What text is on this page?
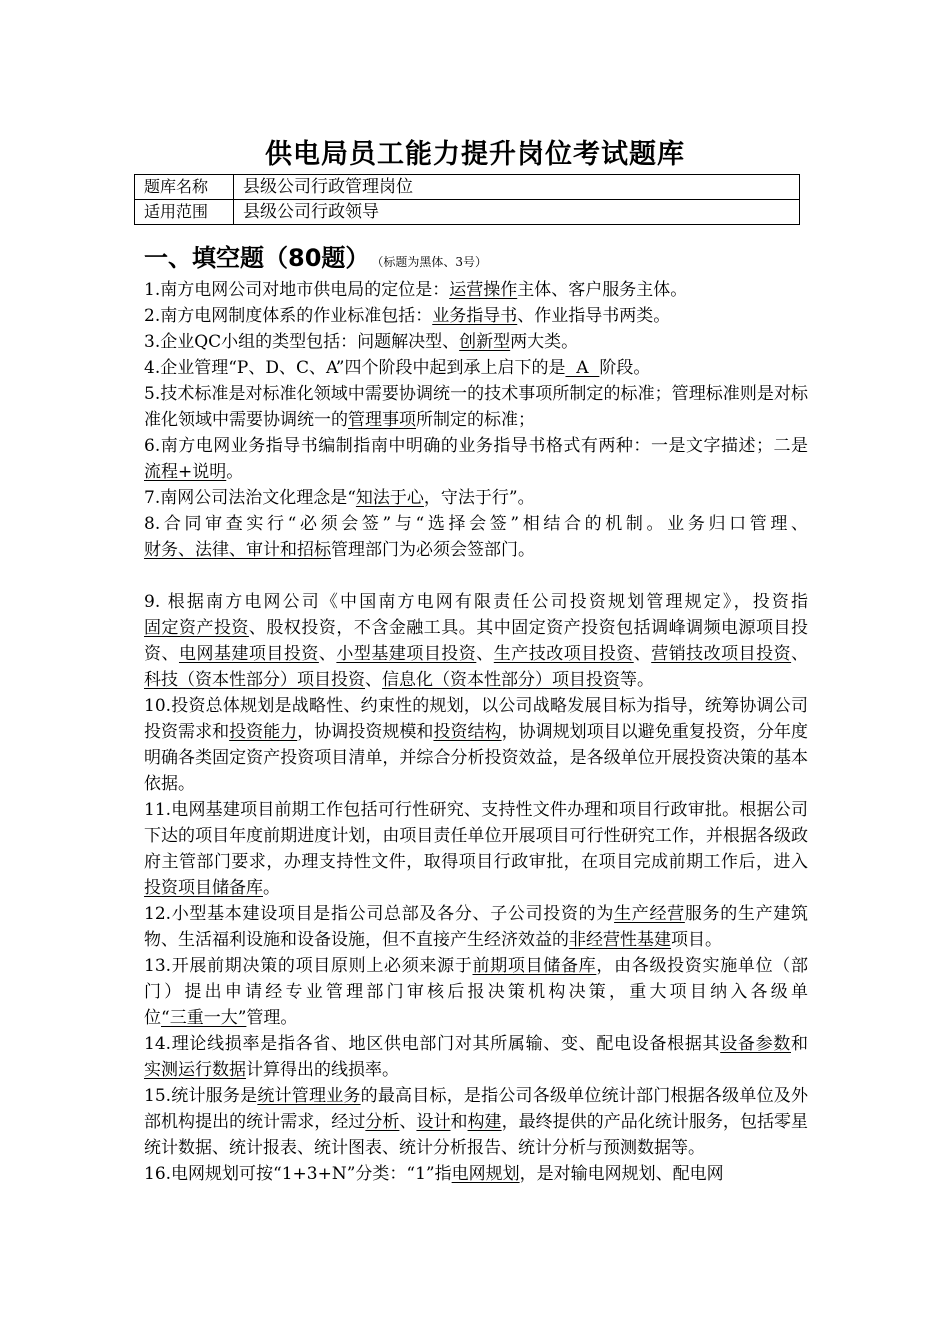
供电局员工能力提升岗位考试题库
题库名称	县级公司行政管理岗位
适用范围	县级公司行政领导
一、填空题（80题） （标题为黑体、3号）

1.南方电网公司对地市供电局的定位是：运营操作主体、客户服务主体。

2.南方电网制度体系的作业标准包括：业务指导书、作业指导书两类。

3.企业QC小组的类型包括：问题解决型、创新型两大类。

4.企业管理“P、D、C、A”四个阶段中起到承上启下的是  A  阶段。

5.技术标准是对标准化领域中需要协调统一的技术事项所制定的标准；管理标准则是对标准化领域中需要协调统一的管理事项所制定的标准；

6.南方电网业务指导书编制指南中明确的业务指导书格式有两种：一是文字描述；二是流程+说明。

7.南网公司法治文化理念是“知法于心，守法于行”。

8.合同审查实行“必须会签”与“选择会签”相结合的机制。业务归口管理、财务、法律、审计和招标管理部门为必须会签部门。

9. 根据南方电网公司《中国南方电网有限责任公司投资规划管理规定》，投资指固定资产投资、股权投资，不含金融工具。其中固定资产投资包括调峰调频电源项目投资、电网基建项目投资、小型基建项目投资、生产技改项目投资、营销技改项目投资、科技（资本性部分）项目投资、信息化（资本性部分）项目投资等。

10.投资总体规划是战略性、约束性的规划，以公司战略发展目标为指导，统筹协调公司投资需求和投资能力，协调投资规模和投资结构，协调规划项目以避免重复投资，分年度明确各类固定资产投资项目清单，并综合分析投资效益，是各级单位开展投资决策的基本依据。

11.电网基建项目前期工作包括可行性研究、支持性文件办理和项目行政审批。根据公司下达的项目年度前期进度计划，由项目责任单位开展项目可行性研究工作，并根据各级政府主管部门要求，办理支持性文件，取得项目行政审批，在项目完成前期工作后，进入投资项目储备库。

12.小型基本建设项目是指公司总部及各分、子公司投资的为生产经营服务的生产建筑物、生活福利设施和设备设施，但不直接产生经济效益的非经营性基建项目。

13.开展前期决策的项目原则上必须来源于前期项目储备库，由各级投资实施单位（部门）提出申请经专业管理部门审核后报决策机构决策，重大项目纳入各级单位“三重一大”管理。

14.理论线损率是指各省、地区供电部门对其所属输、变、配电设备根据其设备参数和实测运行数据计算得出的线损率。

15.统计服务是统计管理业务的最高目标，是指公司各级单位统计部门根据各级单位及外部机构提出的统计需求，经过分析、设计和构建，最终提供的产品化统计服务，包括零星统计数据、统计报表、统计图表、统计分析报告、统计分析与预测数据等。

16.电网规划可按“1+3+N”分类：“1”指电网规划，是对输电网规划、配电网
